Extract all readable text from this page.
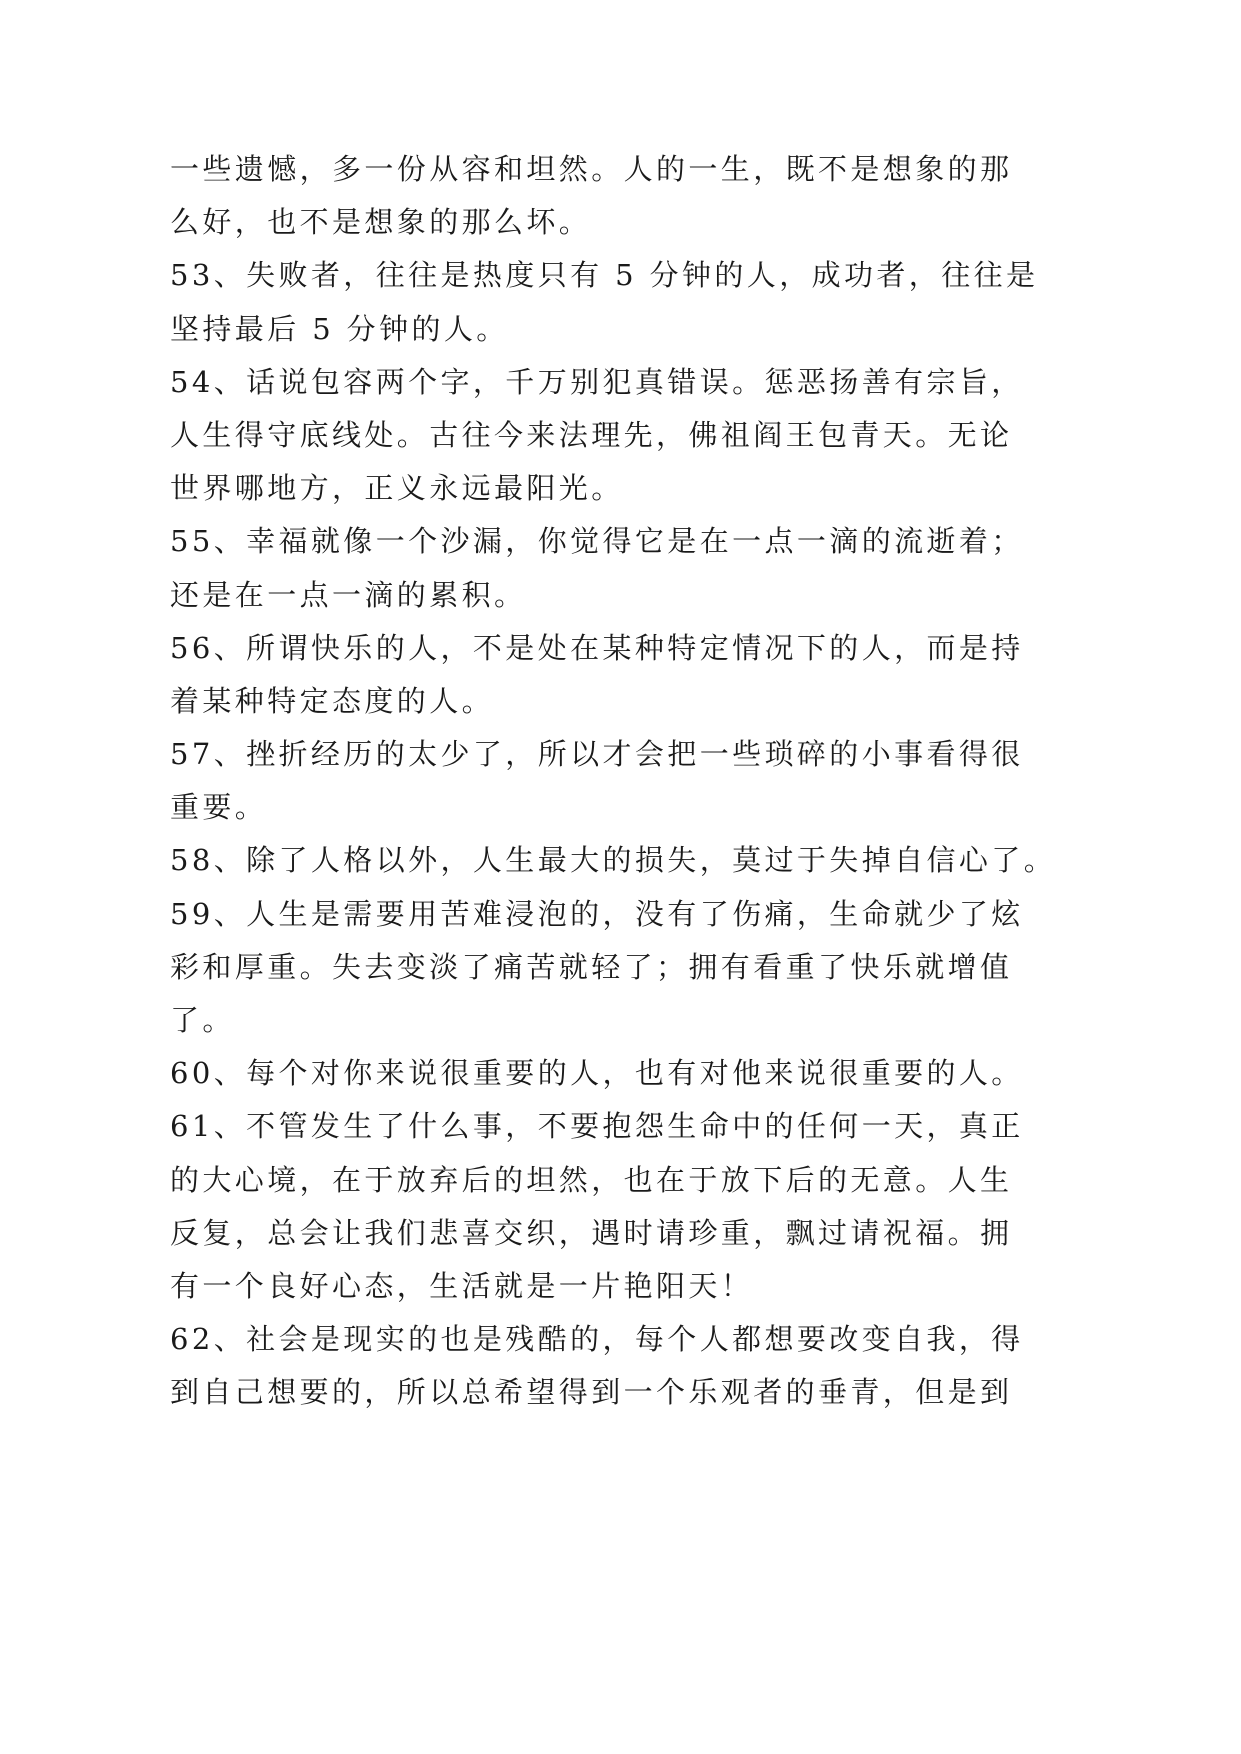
一些遗憾，多一份从容和坦然。人的一生，既不是想象的那
么好，也不是想象的那么坏。
53、失败者，往往是热度只有 5 分钟的人，成功者，往往是
坚持最后 5 分钟的人。
54、话说包容两个字，千万别犯真错误。惩恶扬善有宗旨，
人生得守底线处。古往今来法理先，佛祖阎王包青天。无论
世界哪地方，正义永远最阳光。
55、幸福就像一个沙漏，你觉得它是在一点一滴的流逝着；
还是在一点一滴的累积。
56、所谓快乐的人，不是处在某种特定情况下的人，而是持
着某种特定态度的人。
57、挫折经历的太少了，所以才会把一些琐碎的小事看得很
重要。
58、除了人格以外，人生最大的损失，莫过于失掉自信心了。
59、人生是需要用苦难浸泡的，没有了伤痛，生命就少了炫
彩和厚重。失去变淡了痛苦就轻了；拥有看重了快乐就增值
了。
60、每个对你来说很重要的人，也有对他来说很重要的人。
61、不管发生了什么事，不要抱怨生命中的任何一天，真正
的大心境，在于放弃后的坦然，也在于放下后的无意。人生
反复，总会让我们悲喜交织，遇时请珍重，飘过请祝福。拥
有一个良好心态，生活就是一片艳阳天！
62、社会是现实的也是残酷的，每个人都想要改变自我，得
到自己想要的，所以总希望得到一个乐观者的垂青，但是到
